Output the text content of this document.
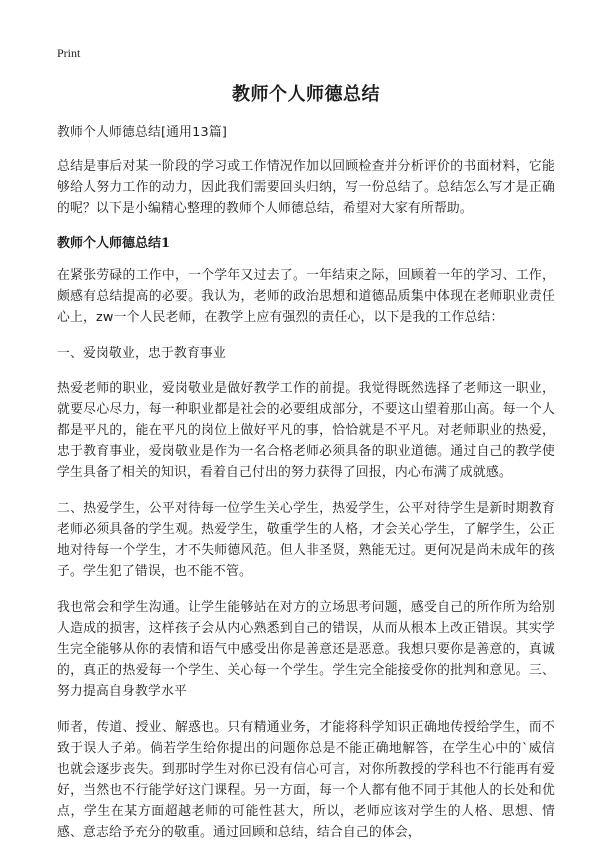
Print
教师个人师德总结

教师个人师德总结[通用13篇]

总结是事后对某一阶段的学习或工作情况作加以回顾检查并分析评价的书面材料，它能够给人努力工作的动力，因此我们需要回头归纳，写一份总结了。总结怎么写才是正确的呢？以下是小编精心整理的教师个人师德总结，希望对大家有所帮助。

教师个人师德总结1

在紧张劳碌的工作中，一个学年又过去了。一年结束之际，回顾着一年的学习、工作，颇感有总结提高的必要。我认为，老师的政治思想和道德品质集中体现在老师职业责任心上，zw一个人民老师，在教学上应有强烈的责任心，以下是我的工作总结：

一、爱岗敬业，忠于教育事业

热爱老师的职业，爱岗敬业是做好教学工作的前提。我觉得既然选择了老师这一职业，就要尽心尽力，每一种职业都是社会的必要组成部分，不要这山望着那山高。每一个人都是平凡的，能在平凡的岗位上做好平凡的事，恰恰就是不平凡。对老师职业的热爱，忠于教育事业，爱岗敬业是作为一名合格老师必须具备的职业道德。通过自己的教学使学生具备了相关的知识，看着自己付出的努力获得了回报，内心布满了成就感。

二、热爱学生，公平对待每一位学生关心学生，热爱学生，公平对待学生是新时期教育老师必须具备的学生观。热爱学生，敬重学生的人格，才会关心学生，了解学生，公正地对待每一个学生，才不失师德风范。但人非圣贤，熟能无过。更何况是尚未成年的孩子。学生犯了错误，也不能不管。

我也常会和学生沟通。让学生能够站在对方的立场思考问题，感受自己的所作所为给别人造成的损害，这样孩子会从内心熟悉到自己的错误，从而从根本上改正错误。其实学生完全能够从你的表情和语气中感受出你是善意还是恶意。我想只要你是善意的，真诚的，真正的热爱每一个学生、关心每一个学生。学生完全能接受你的批判和意见。三、努力提高自身教学水平

师者，传道、授业、解惑也。只有精通业务，才能将科学知识正确地传授给学生，而不致于误人子弟。倘若学生给你提出的问题你总是不能正确地解答，在学生心中的`威信也就会逐步丧失。到那时学生对你已没有信心可言，对你所教授的学科也不行能再有爱好，当然也不行能学好这门课程。另一方面，每一个人都有他不同于其他人的长处和优点，学生在某方面超越老师的可能性甚大，所以，老师应该对学生的人格、思想、情感、意志给予充分的敬重。通过回顾和总结，结合自己的体会，
